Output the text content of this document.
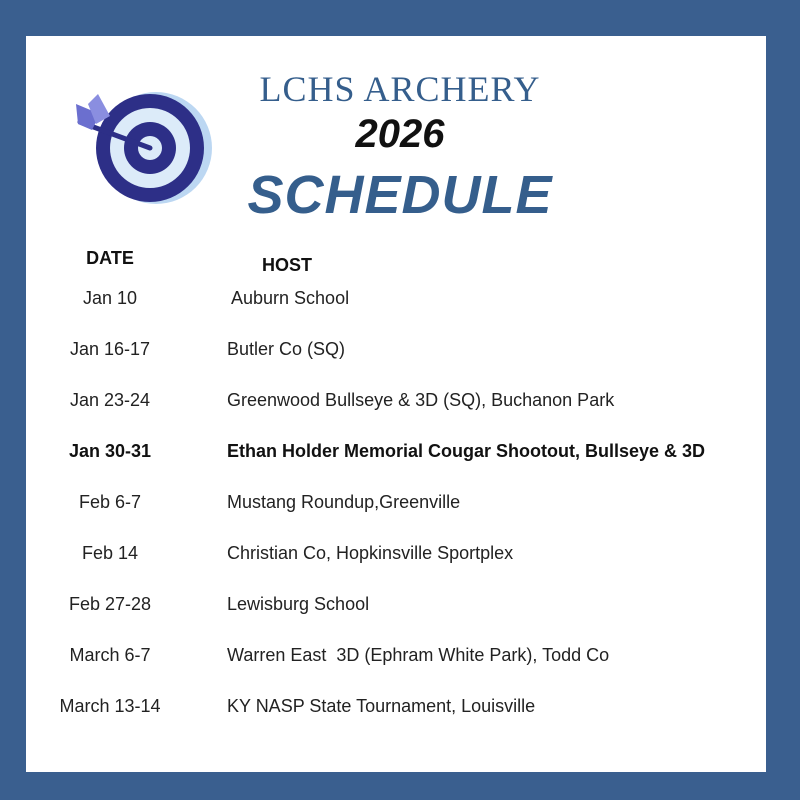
LCHS ARCHERY
2026
SCHEDULE
DATE	HOST
Jan 10	Auburn School
Jan 16-17	Butler Co (SQ)
Jan 23-24	Greenwood Bullseye & 3D (SQ), Buchanon Park
Jan 30-31	Ethan Holder Memorial Cougar Shootout, Bullseye & 3D
Feb 6-7	Mustang Roundup,Greenville
Feb 14	Christian Co, Hopkinsville Sportplex
Feb 27-28	Lewisburg School
March 6-7	Warren East  3D (Ephram White Park), Todd Co
March 13-14	KY NASP State Tournament, Louisville
